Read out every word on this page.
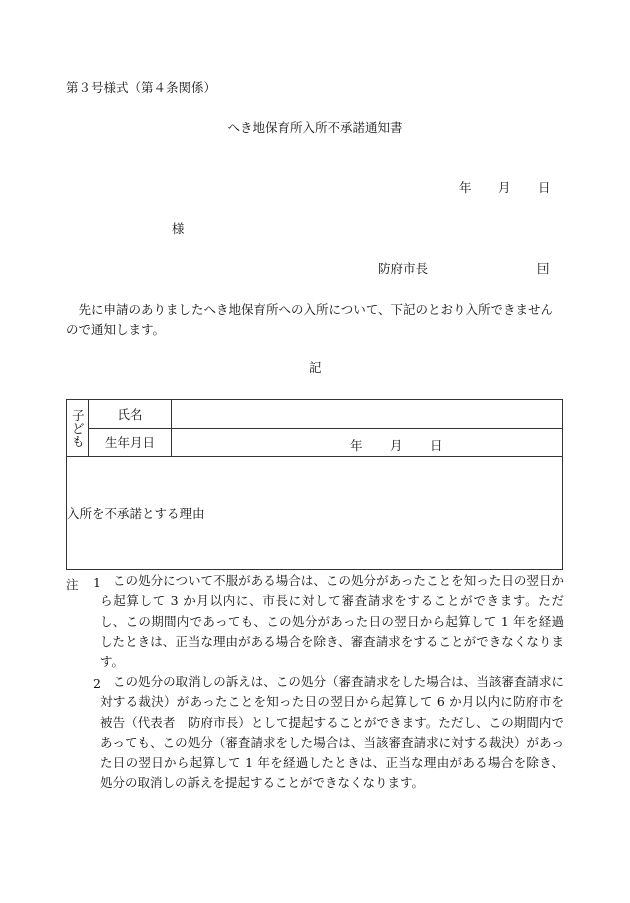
第３号様式（第４条関係）
へき地保育所入所不承諾通知書
年 月 日
様
防府市長	囙
先に申請のありましたへき地保育所への入所について、下記のとおり入所できませんので通知します。
記
子ども	氏名	
	生年月日	年 月 日

入所を不承諾とする理由		
注 1 この処分について不服がある場合は、この処分があったことを知った日の翌日から起算して 3 か月以内に、市長に対して審査請求をすることができます。ただし、この期間内であっても、この処分があった日の翌日から起算して 1 年を経過したときは、正当な理由がある場合を除き、審査請求をすることができなくなります。
2 この処分の取消しの訴えは、この処分（審査請求をした場合は、当該審査請求に対する裁決）があったことを知った日の翌日から起算して 6 か月以内に防府市を被告（代表者　防府市長）として提起することができます。ただし、この期間内であっても、この処分（審査請求をした場合は、当該審査請求に対する裁決）があった日の翌日から起算して 1 年を経過したときは、正当な理由がある場合を除き、処分の取消しの訴えを提起することができなくなります。
